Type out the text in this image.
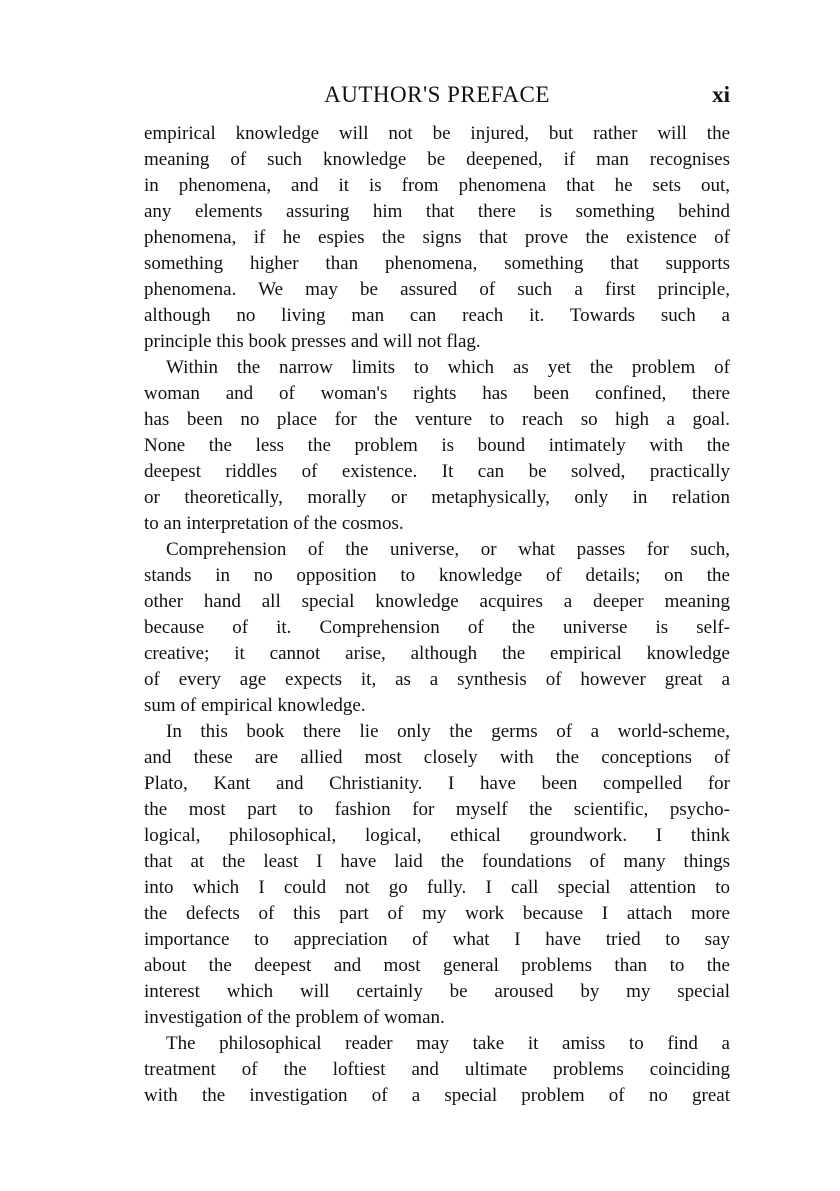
AUTHOR'S PREFACE	xi

empirical knowledge will not be injured, but rather will the
meaning of such knowledge be deepened, if man recognises
in phenomena, and it is from phenomena that he sets out,
any elements assuring him that there is something behind
phenomena, if he espies the signs that prove the existence of
something higher than phenomena, something that supports
phenomena. We may be assured of such a first principle,
although no living man can reach it. Towards such a
principle this book presses and will not flag.

Within the narrow limits to which as yet the problem of
woman and of woman's rights has been confined, there
has been no place for the venture to reach so high a goal.
None the less the problem is bound intimately with the
deepest riddles of existence. It can be solved, practically
or theoretically, morally or metaphysically, only in relation
to an interpretation of the cosmos.

Comprehension of the universe, or what passes for such,
stands in no opposition to knowledge of details; on the
other hand all special knowledge acquires a deeper meaning
because of it. Comprehension of the universe is self-
creative; it cannot arise, although the empirical knowledge
of every age expects it, as a synthesis of however great a
sum of empirical knowledge.

In this book there lie only the germs of a world-scheme,
and these are allied most closely with the conceptions of
Plato, Kant and Christianity. I have been compelled for
the most part to fashion for myself the scientific, psycho-
logical, philosophical, logical, ethical groundwork. I think
that at the least I have laid the foundations of many things
into which I could not go fully. I call special attention to
the defects of this part of my work because I attach more
importance to appreciation of what I have tried to say
about the deepest and most general problems than to the
interest which will certainly be aroused by my special
investigation of the problem of woman.

The philosophical reader may take it amiss to find a
treatment of the loftiest and ultimate problems coinciding
with the investigation of a special problem of no great
